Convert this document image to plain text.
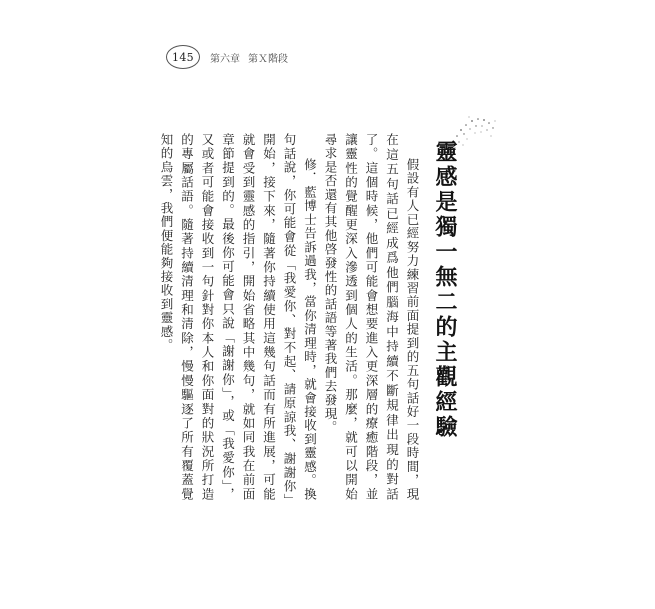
145	第六章 第Ｘ階段
靈感是獨一無二的主觀經驗

假設有人已經努力練習前面提到的五句話好一段時間，現在這五句話已經成爲他們腦海中持續不斷規律出現的對話了。這個時候，他們可能會想要進入更深層的療癒階段，並讓靈性的覺醒更深入滲透到個人的生活。那麼，就可以開始尋求是否還有其他啓發性的話語等著我們去發現。

修．藍博士告訴過我，當你清理時，就會接收到靈感。換句話說，你可能會從「我愛你、對不起、請原諒我、謝謝你」開始，接下來，隨著你持續使用這幾句話而有所進展，可能就會受到靈感的指引，開始省略其中幾句，就如同我在前面章節提到的。最後你可能會只說「謝謝你」，或「我愛你」，又或者可能會接收到一句針對你本人和你面對的狀況所打造的專屬話語。隨著持續清理和清除，慢慢驅逐了所有覆蓋覺知的烏雲，我們便能夠接收到靈感。
